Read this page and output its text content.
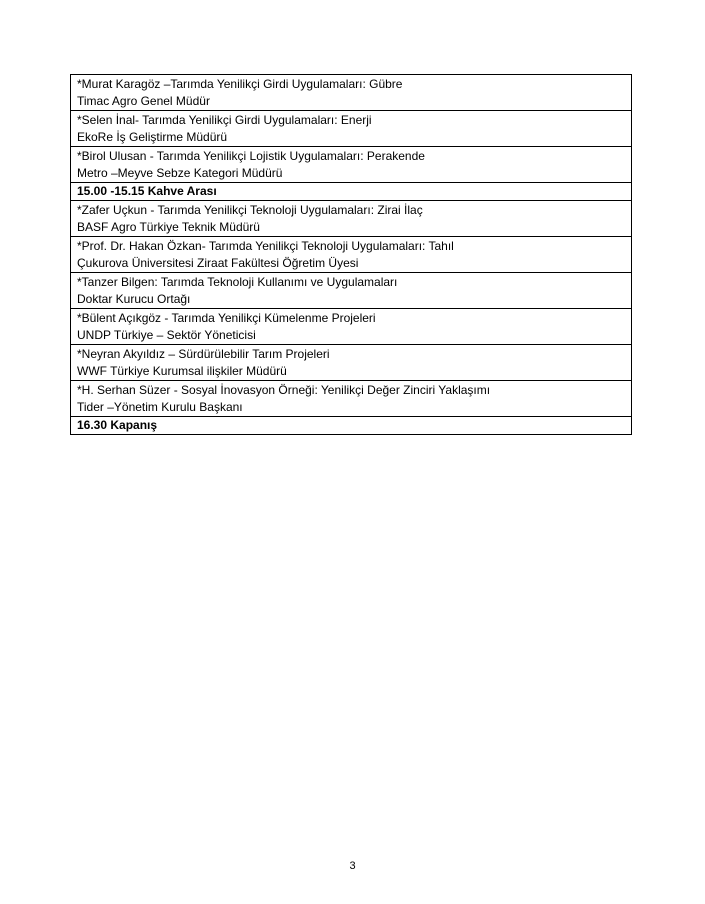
*Murat Karagöz –Tarımda Yenilikçi Girdi Uygulamaları: Gübre
Timac Agro Genel Müdür

*Selen İnal- Tarımda Yenilikçi Girdi Uygulamaları: Enerji
EkoRe İş Geliştirme Müdürü

*Birol Ulusan - Tarımda Yenilikçi Lojistik Uygulamaları: Perakende
Metro –Meyve Sebze Kategori Müdürü

15.00 -15.15 Kahve Arası

*Zafer Uçkun - Tarımda Yenilikçi Teknoloji Uygulamaları: Zirai İlaç
BASF Agro Türkiye Teknik Müdürü

*Prof. Dr. Hakan Özkan- Tarımda Yenilikçi Teknoloji Uygulamaları: Tahıl
Çukurova Üniversitesi Ziraat Fakültesi Öğretim Üyesi

*Tanzer Bilgen: Tarımda Teknoloji Kullanımı ve Uygulamaları
Doktar Kurucu Ortağı

*Bülent Açıkgöz - Tarımda Yenilikçi Kümelenme Projeleri
UNDP Türkiye – Sektör Yöneticisi

*Neyran Akyıldız – Sürdürülebilir Tarım Projeleri
WWF Türkiye Kurumsal ilişkiler Müdürü

*H. Serhan Süzer - Sosyal İnovasyon Örneği: Yenilikçi Değer Zinciri Yaklaşımı
Tider –Yönetim Kurulu Başkanı

16.30 Kapanış
3
